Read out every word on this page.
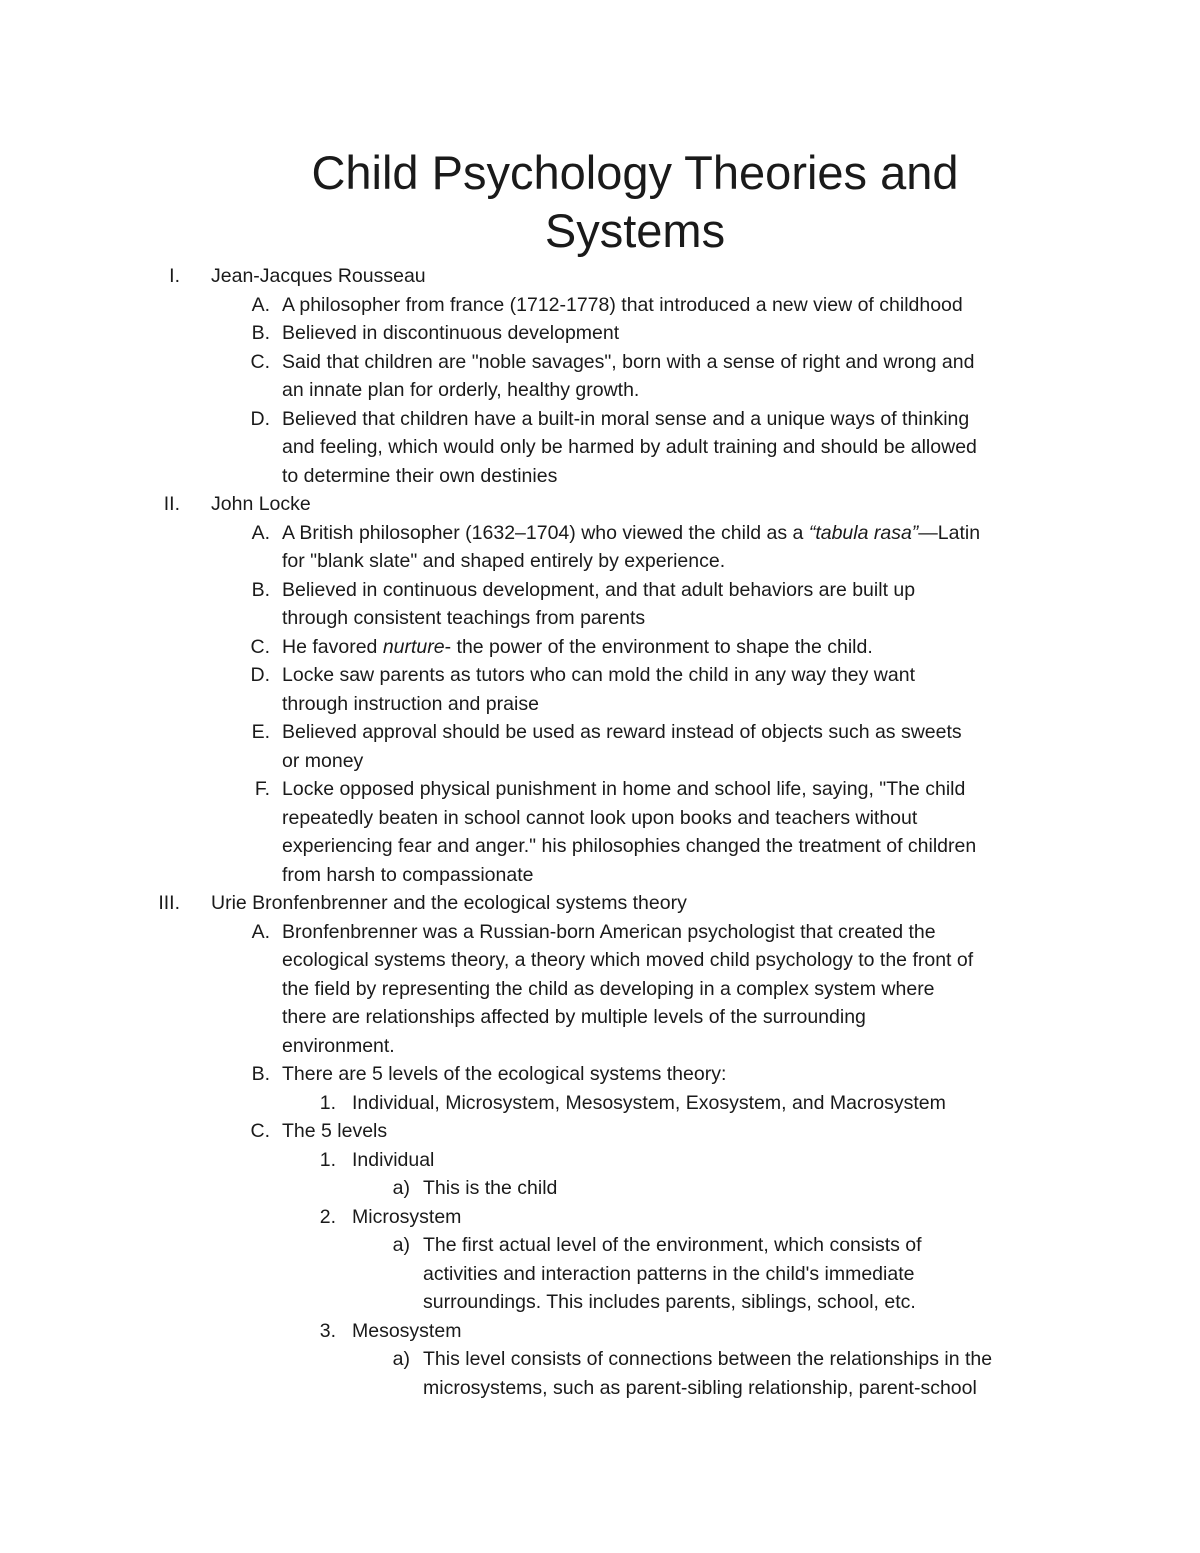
Child Psychology Theories and
Systems
I. Jean-Jacques Rousseau
A. A philosopher from france (1712-1778) that introduced a new view of childhood
B. Believed in discontinuous development
C. Said that children are "noble savages", born with a sense of right and wrong and
an innate plan for orderly, healthy growth.
D. Believed that children have a built-in moral sense and a unique ways of thinking
and feeling, which would only be harmed by adult training and should be allowed
to determine their own destinies
II. John Locke
A. A British philosopher (1632–1704) who viewed the child as a “tabula rasa”—Latin
for "blank slate" and shaped entirely by experience.
B. Believed in continuous development, and that adult behaviors are built up
through consistent teachings from parents
C. He favored nurture- the power of the environment to shape the child.
D. Locke saw parents as tutors who can mold the child in any way they want
through instruction and praise
E. Believed approval should be used as reward instead of objects such as sweets
or money
F. Locke opposed physical punishment in home and school life, saying, "The child
repeatedly beaten in school cannot look upon books and teachers without
experiencing fear and anger." his philosophies changed the treatment of children
from harsh to compassionate
III. Urie Bronfenbrenner and the ecological systems theory
A. Bronfenbrenner was a Russian-born American psychologist that created the
ecological systems theory, a theory which moved child psychology to the front of
the field by representing the child as developing in a complex system where
there are relationships affected by multiple levels of the surrounding
environment.
B. There are 5 levels of the ecological systems theory:
1. Individual, Microsystem, Mesosystem, Exosystem, and Macrosystem
C. The 5 levels
1. Individual
a) This is the child
2. Microsystem
a) The first actual level of the environment, which consists of
activities and interaction patterns in the child's immediate
surroundings. This includes parents, siblings, school, etc.
3. Mesosystem
a) This level consists of connections between the relationships in the
microsystems, such as parent-sibling relationship, parent-school
